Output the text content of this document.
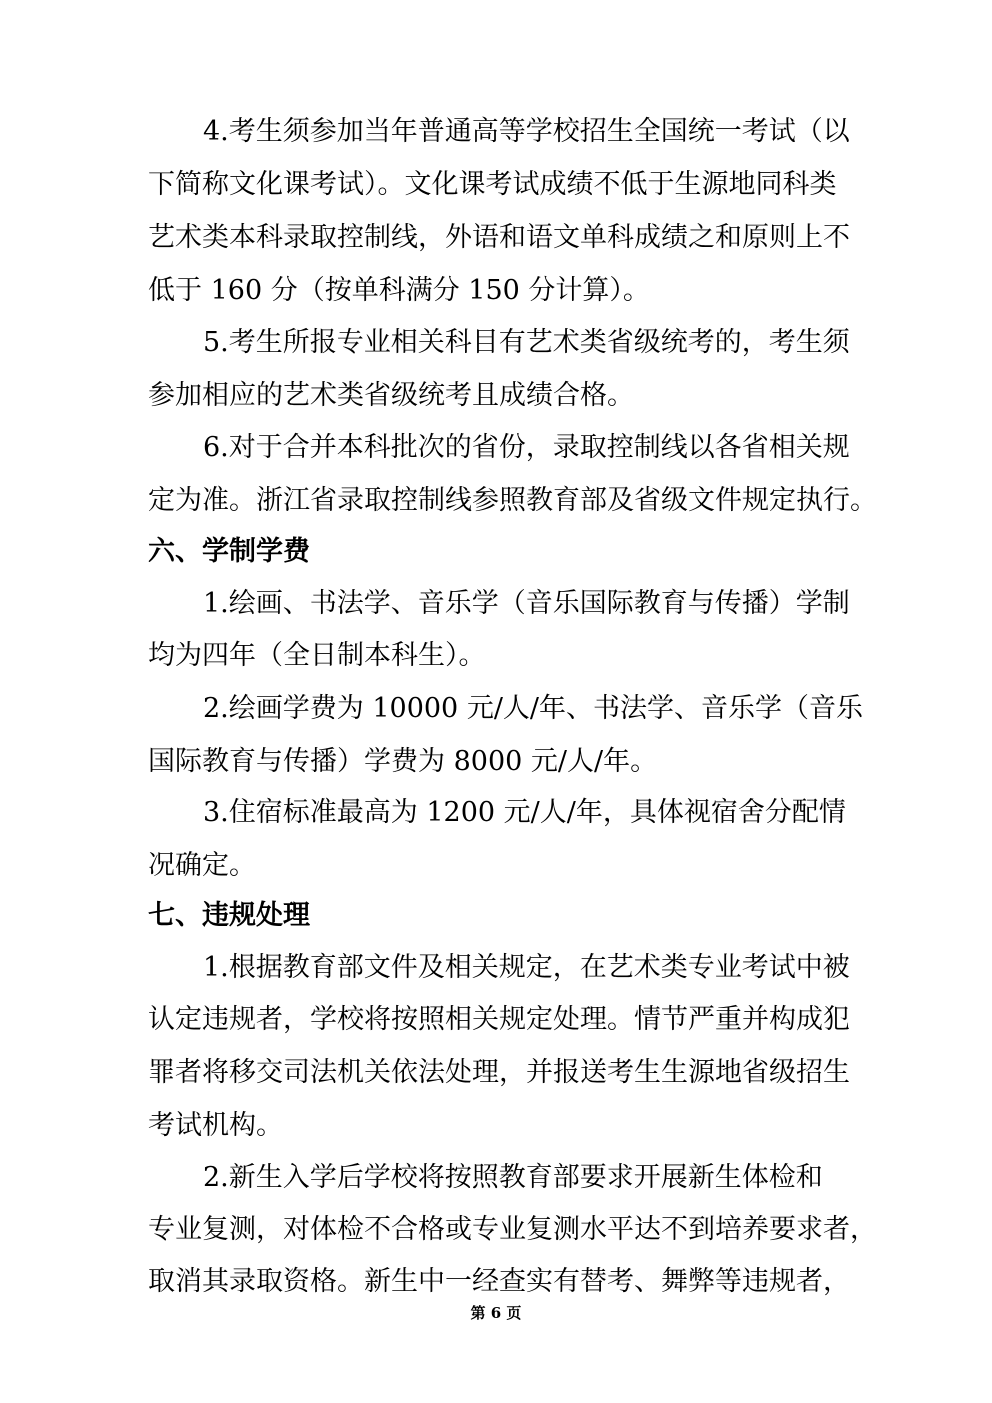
4.考生须参加当年普通高等学校招生全国统一考试（以
下简称文化课考试）。文化课考试成绩不低于生源地同科类
艺术类本科录取控制线，外语和语文单科成绩之和原则上不
低于 160 分（按单科满分 150 分计算）。
5.考生所报专业相关科目有艺术类省级统考的，考生须
参加相应的艺术类省级统考且成绩合格。
6.对于合并本科批次的省份，录取控制线以各省相关规
定为准。浙江省录取控制线参照教育部及省级文件规定执行。
六、学制学费
1.绘画、书法学、音乐学（音乐国际教育与传播）学制
均为四年（全日制本科生）。
2.绘画学费为 10000 元/人/年、书法学、音乐学（音乐
国际教育与传播）学费为 8000 元/人/年。
3.住宿标准最高为 1200 元/人/年，具体视宿舍分配情
况确定。
七、违规处理
1.根据教育部文件及相关规定，在艺术类专业考试中被
认定违规者，学校将按照相关规定处理。情节严重并构成犯
罪者将移交司法机关依法处理，并报送考生生源地省级招生
考试机构。
2.新生入学后学校将按照教育部要求开展新生体检和
专业复测，对体检不合格或专业复测水平达不到培养要求者，
取消其录取资格。新生中一经查实有替考、舞弊等违规者，
第 6 页
